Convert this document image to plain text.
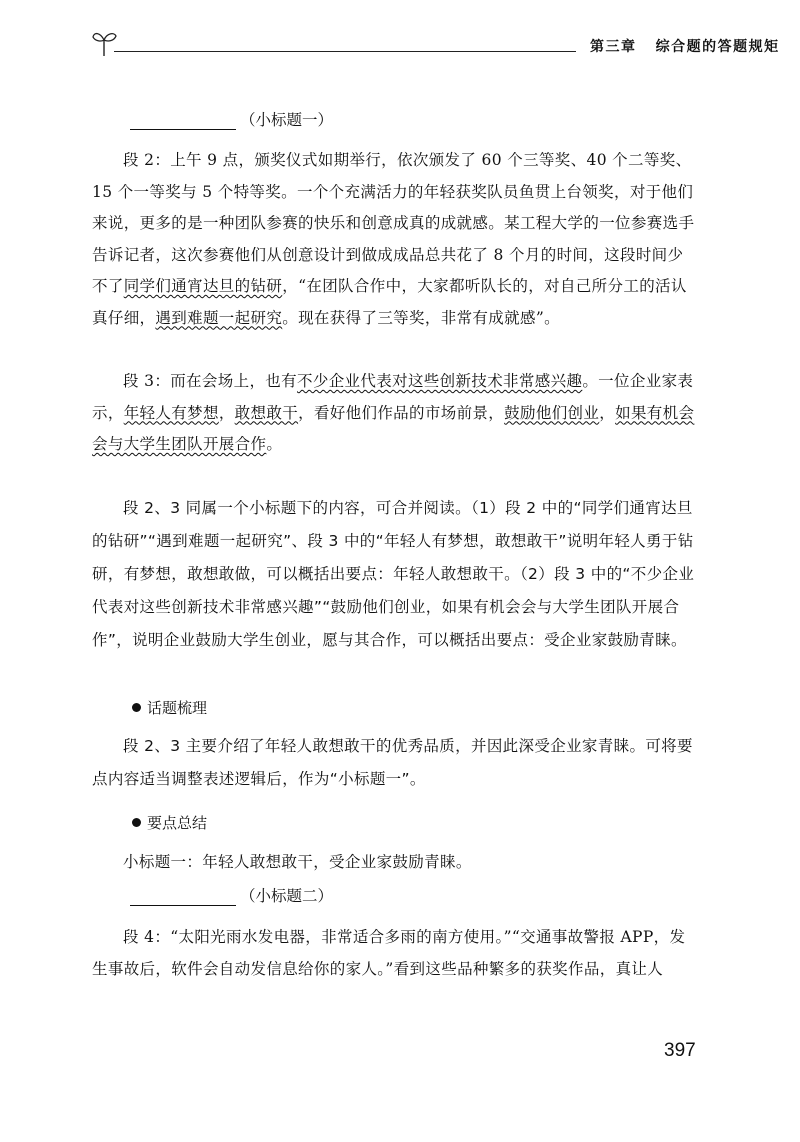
第三章 综合题的答题规矩
（小标题一）
段 2：上午 9 点，颁奖仪式如期举行，依次颁发了 60 个三等奖、40 个二等奖、15 个一等奖与 5 个特等奖。一个个充满活力的年轻获奖队员鱼贯上台领奖，对于他们来说，更多的是一种团队参赛的快乐和创意成真的成就感。某工程大学的一位参赛选手告诉记者，这次参赛他们从创意设计到做成成品总共花了 8 个月的时间，这段时间少不了同学们通宵达旦的钻研，“在团队合作中，大家都听队长的，对自己所分工的活认真仔细，遇到难题一起研究。现在获得了三等奖，非常有成就感”。
段 3：而在会场上，也有不少企业代表对这些创新技术非常感兴趣。一位企业家表示，年轻人有梦想，敢想敢干，看好他们作品的市场前景，鼓励他们创业，如果有机会会与大学生团队开展合作。
段 2、3 同属一个小标题下的内容，可合并阅读。（1）段 2 中的“同学们通宵达旦的钻研”“遇到难题一起研究”、段 3 中的“年轻人有梦想，敢想敢干”说明年轻人勇于钻研，有梦想，敢想敢做，可以概括出要点：年轻人敢想敢干。（2）段 3 中的“不少企业代表对这些创新技术非常感兴趣”“鼓励他们创业，如果有机会会与大学生团队开展合作”，说明企业鼓励大学生创业，愿与其合作，可以概括出要点：受企业家鼓励青睐。
话题梳理
段 2、3 主要介绍了年轻人敢想敢干的优秀品质，并因此深受企业家青睐。可将要点内容适当调整表述逻辑后，作为“小标题一”。
要点总结
小标题一：年轻人敢想敢干，受企业家鼓励青睐。
（小标题二）
段 4：“太阳光雨水发电器，非常适合多雨的南方使用。”“交通事故警报 APP，发生事故后，软件会自动发信息给你的家人。”看到这些品种繁多的获奖作品，真让人
397
